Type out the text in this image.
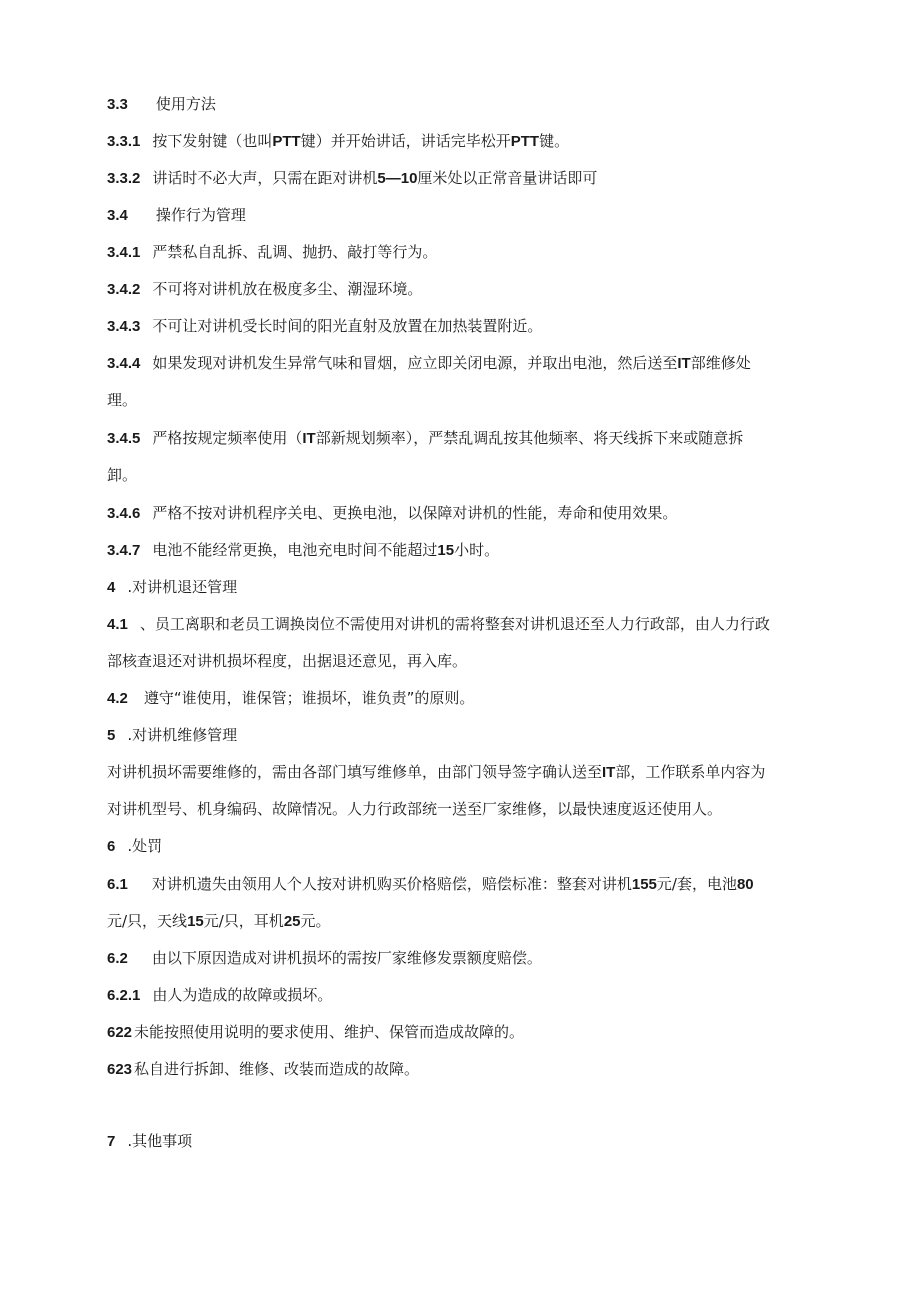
3.3 使用方法
3.3.1 按下发射键（也叫PTT键）并开始讲话，讲话完毕松开PTT键。
3.3.2 讲话时不必大声，只需在距对讲机5—10厘米处以正常音量讲话即可
3.4 操作行为管理
3.4.1 严禁私自乱拆、乱调、抛扔、敲打等行为。
3.4.2 不可将对讲机放在极度多尘、潮湿环境。
3.4.3 不可让对讲机受长时间的阳光直射及放置在加热装置附近。
3.4.4 如果发现对讲机发生异常气味和冒烟，应立即关闭电源，并取出电池，然后送至IT部维修处
理。
3.4.5 严格按规定频率使用（IT部新规划频率），严禁乱调乱按其他频率、将天线拆下来或随意拆
卸。
3.4.6 严格不按对讲机程序关电、更换电池，以保障对讲机的性能，寿命和使用效果。
3.4.7 电池不能经常更换，电池充电时间不能超过15小时。
4 .对讲机退还管理
4.1 、员工离职和老员工调换岗位不需使用对讲机的需将整套对讲机退还至人力行政部，由人力行政
部核查退还对讲机损坏程度，出据退还意见，再入库。
4.2 遵守“谁使用，谁保管；谁损坏，谁负责”的原则。
5 .对讲机维修管理
对讲机损坏需要维修的，需由各部门填写维修单，由部门领导签字确认送至IT部，工作联系单内容为
对讲机型号、机身编码、故障情况。人力行政部统一送至厂家维修，以最快速度返还使用人。
6 .处罚
6.1 对讲机遗失由领用人个人按对讲机购买价格赔偿，赔偿标准：整套对讲机155元/套，电池80
元/只，天线15元/只，耳机25元。
6.2 由以下原因造成对讲机损坏的需按厂家维修发票额度赔偿。
6.2.1 由人为造成的故障或损坏。
622 未能按照使用说明的要求使用、维护、保管而造成故障的。
623 私自进行拆卸、维修、改装而造成的故障。
7 .其他事项
